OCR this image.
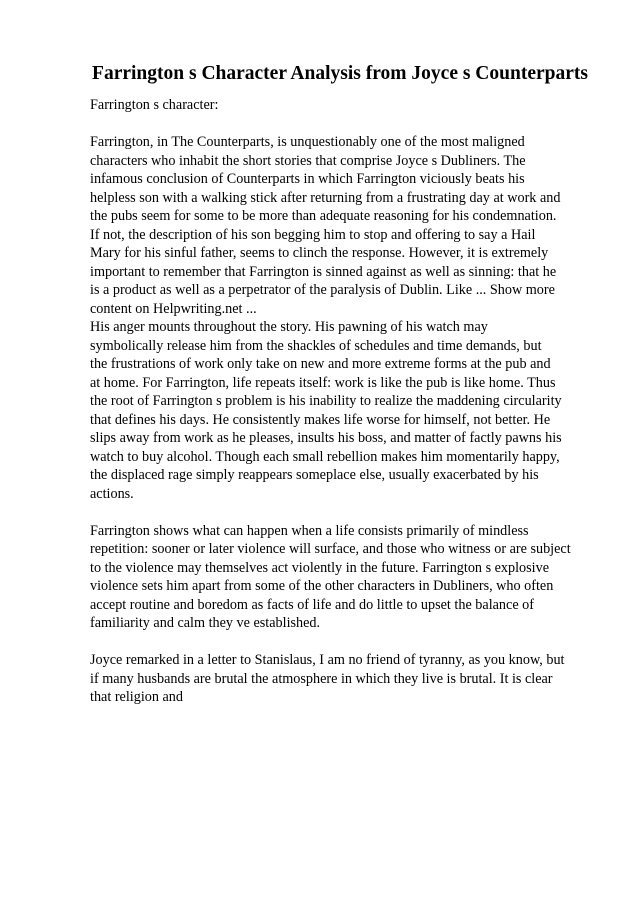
Farrington s Character Analysis from Joyce s Counterparts

Farrington s character:

Farrington, in The Counterparts, is unquestionably one of the most maligned
characters who inhabit the short stories that comprise Joyce s Dubliners. The
infamous conclusion of Counterparts in which Farrington viciously beats his
helpless son with a walking stick after returning from a frustrating day at work and
the pubs seem for some to be more than adequate reasoning for his condemnation.
If not, the description of his son begging him to stop and offering to say a Hail
Mary for his sinful father, seems to clinch the response. However, it is extremely
important to remember that Farrington is sinned against as well as sinning: that he
is a product as well as a perpetrator of the paralysis of Dublin. Like ... Show more
content on Helpwriting.net ...

His anger mounts throughout the story. His pawning of his watch may
symbolically release him from the shackles of schedules and time demands, but
the frustrations of work only take on new and more extreme forms at the pub and
at home. For Farrington, life repeats itself: work is like the pub is like home. Thus
the root of Farrington s problem is his inability to realize the maddening circularity
that defines his days. He consistently makes life worse for himself, not better. He
slips away from work as he pleases, insults his boss, and matter of factly pawns his
watch to buy alcohol. Though each small rebellion makes him momentarily happy,
the displaced rage simply reappears someplace else, usually exacerbated by his
actions.

Farrington shows what can happen when a life consists primarily of mindless
repetition: sooner or later violence will surface, and those who witness or are subject
to the violence may themselves act violently in the future. Farrington s explosive
violence sets him apart from some of the other characters in Dubliners, who often
accept routine and boredom as facts of life and do little to upset the balance of
familiarity and calm they ve established.

Joyce remarked in a letter to Stanislaus, I am no friend of tyranny, as you know, but
if many husbands are brutal the atmosphere in which they live is brutal. It is clear
that religion and
